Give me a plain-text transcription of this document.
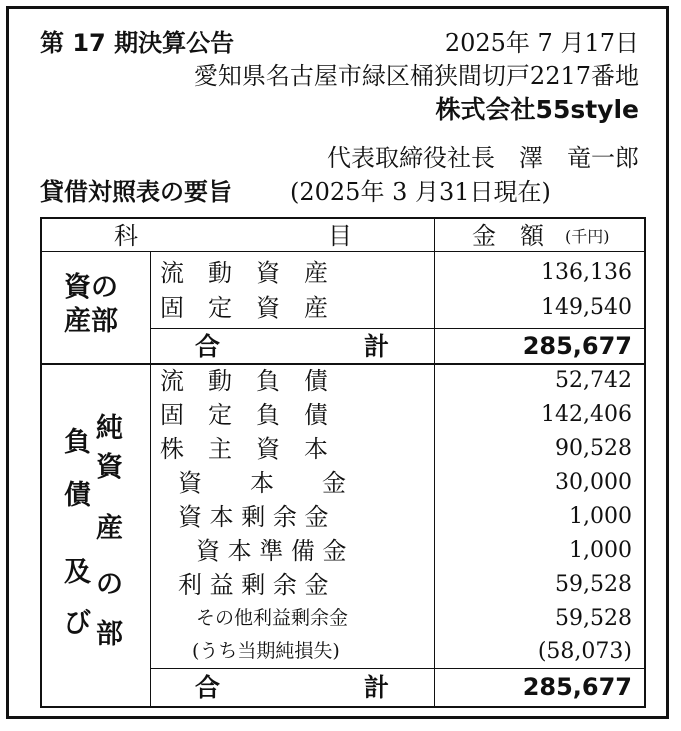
第 17 期決算公告	2025年 7 月17日
愛知県名古屋市緑区桶狭間切戸2217番地
株式会社55style
代表取締役社長　澤　竜一郎
貸借対照表の要旨 (2025年 3 月31日現在)
科	目	金　額 (千円)
資の
産部
流　動　資　産	136,136
固　定　資　産	149,540
合	計	285,677
負 純
資
債
産
及 の
び 部
流　動　負　債	52,742
固　定　負　債	142,406
株　主　資　本	90,528
資　　本　　金	30,000
資 本 剰 余 金	1,000
資 本 準 備 金	1,000
利 益 剰 余 金	59,528
その他利益剰余金	59,528
(うち当期純損失)	(58,073)
合	計	285,677
